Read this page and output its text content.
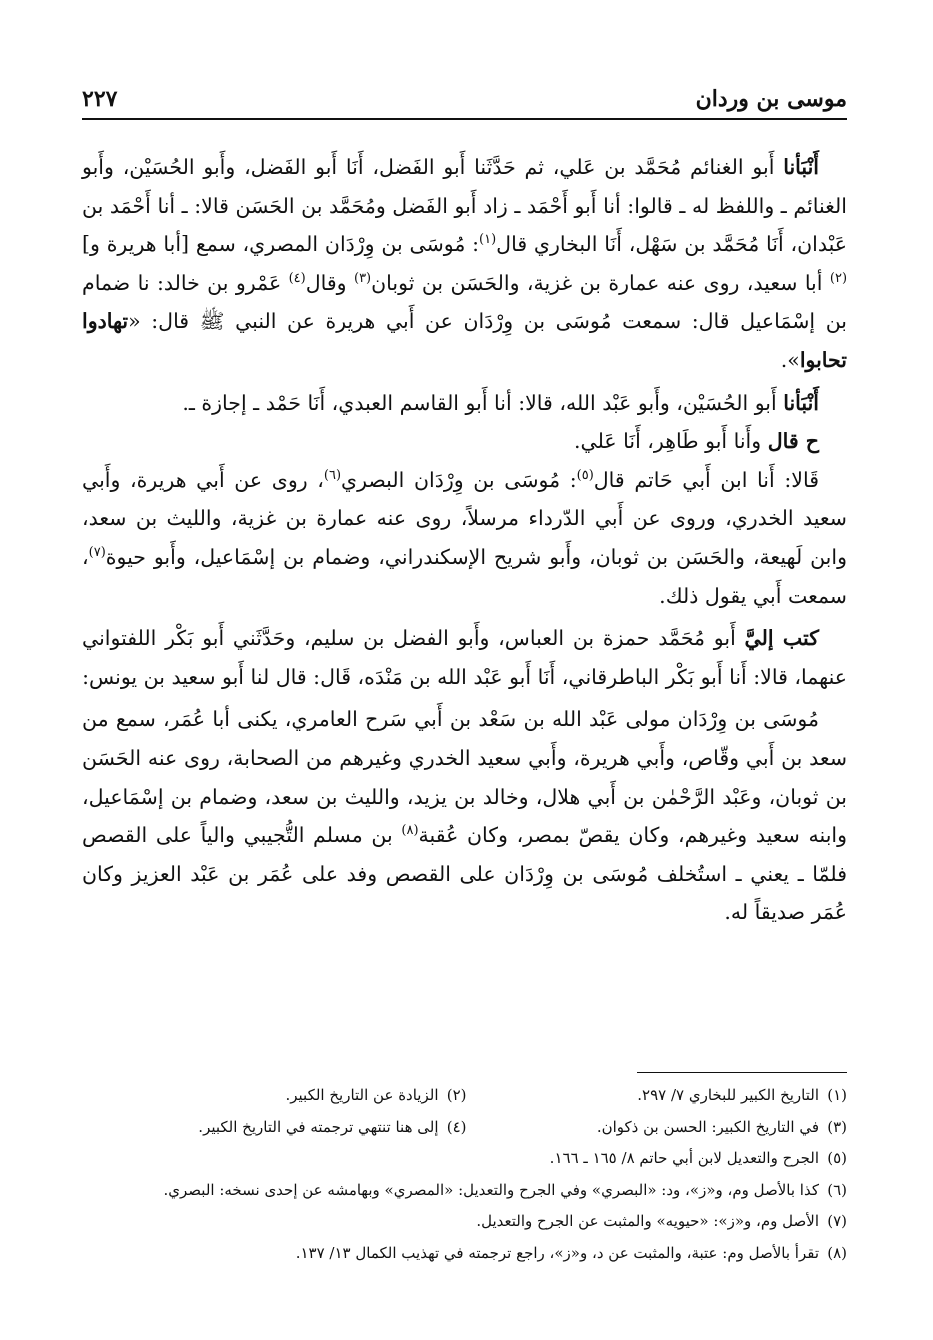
موسى بن وردان
٢٢٧

أَنْبَأنا أَبو الغنائم مُحَمَّد بن عَلي، ثم حَدَّثَنا أَبو الفَضل، أَنَا أَبو الفَضل، وأَبو الحُسَيْن، وأَبو الغنائم ـ واللفظ له ـ قالوا: أنا أَبو أَحْمَد ـ زاد أَبو الفَضل ومُحَمَّد بن الحَسَن قالا: ـ أنا أَحْمَد بن عَبْدان، أَنَا مُحَمَّد بن سَهْل، أَنَا البخاري قال$^{(١)}$: مُوسَى بن وِرْدَان المصري، سمع [أبا هريرة و]$^{(٢)}$ أبا سعيد، روى عنه عمارة بن غزية، والحَسَن بن ثوبان$^{(٣)}$ وقال$^{(٤)}$ عَمْرو بن خالد: نا ضمام بن إسْمَاعيل قال: سمعت مُوسَى بن وِرْدَان عن أَبي هريرة عن النبي ﷺ قال: «تهادوا تحابوا».

أَنْبَأنا أَبو الحُسَيْن، وأَبو عَبْد الله، قالا: أنا أَبو القاسم العبدي، أَنَا حَمْد ـ إجازة ـ.

ح قال وأَنا أَبو طَاهِر، أَنَا عَلي.

قَالا: أَنا ابن أَبي حَاتم قال$^{(٥)}$: مُوسَى بن وِرْدَان البصري$^{(٦)}$، روى عن أَبي هريرة، وأَبي سعيد الخدري، وروى عن أَبي الدّرداء مرسلاً، روى عنه عمارة بن غزية، والليث بن سعد، وابن لَهيعة، والحَسَن بن ثوبان، وأَبو شريح الإسكندراني، وضمام بن إسْمَاعيل، وأَبو حيوة$^{(٧)}$، سمعت أَبي يقول ذلك.

كتب إليَّ أَبو مُحَمَّد حمزة بن العباس، وأَبو الفضل بن سليم، وحَدَّثَني أَبو بَكْر اللفتواني عنهما، قالا: أَنا أَبو بَكْر الباطرقاني، أَنَا أَبو عَبْد الله بن مَنْدَه، قَال: قال لنا أَبو سعيد بن يونس:

مُوسَى بن وِرْدَان مولى عَبْد الله بن سَعْد بن أَبي سَرح العامري، يكنى أبا عُمَر، سمع من سعد بن أَبي وقّاص، وأَبي هريرة، وأَبي سعيد الخدري وغيرهم من الصحابة، روى عنه الحَسَن بن ثوبان، وعَبْد الرَّحْمٰن بن أَبي هلال، وخالد بن يزيد، والليث بن سعد، وضمام بن إسْمَاعيل، وابنه سعيد وغيرهم، وكان يقصّ بمصر، وكان عُقبة$^{(٨)}$ بن مسلم التُّجيبي والياً على القصص فلمّا ـ يعني ـ استُخلف مُوسَى بن وِرْدَان على القصص وفد على عُمَر بن عَبْد العزيز وكان عُمَر صديقاً له.

(١)التاريخ الكبير للبخاري ٧/ ٢٩٧.
(٢)الزيادة عن التاريخ الكبير.
(٣)في التاريخ الكبير: الحسن بن ذكوان.
(٤)إلى هنا تنتهي ترجمته في التاريخ الكبير.
(٥)الجرح والتعديل لابن أبي حاتم ٨/ ١٦٥ ـ ١٦٦.
(٦)كذا بالأصل وم، و«ز»، ود: «البصري» وفي الجرح والتعديل: «المصري» وبهامشه عن إحدى نسخه: البصري.
(٧)الأصل وم، و«ز»: «حيويه» والمثبت عن الجرح والتعديل.
(٨)تقرأ بالأصل وم: عتبة، والمثبت عن د، و«ز»، راجع ترجمته في تهذيب الكمال ١٣/ ١٣٧.
